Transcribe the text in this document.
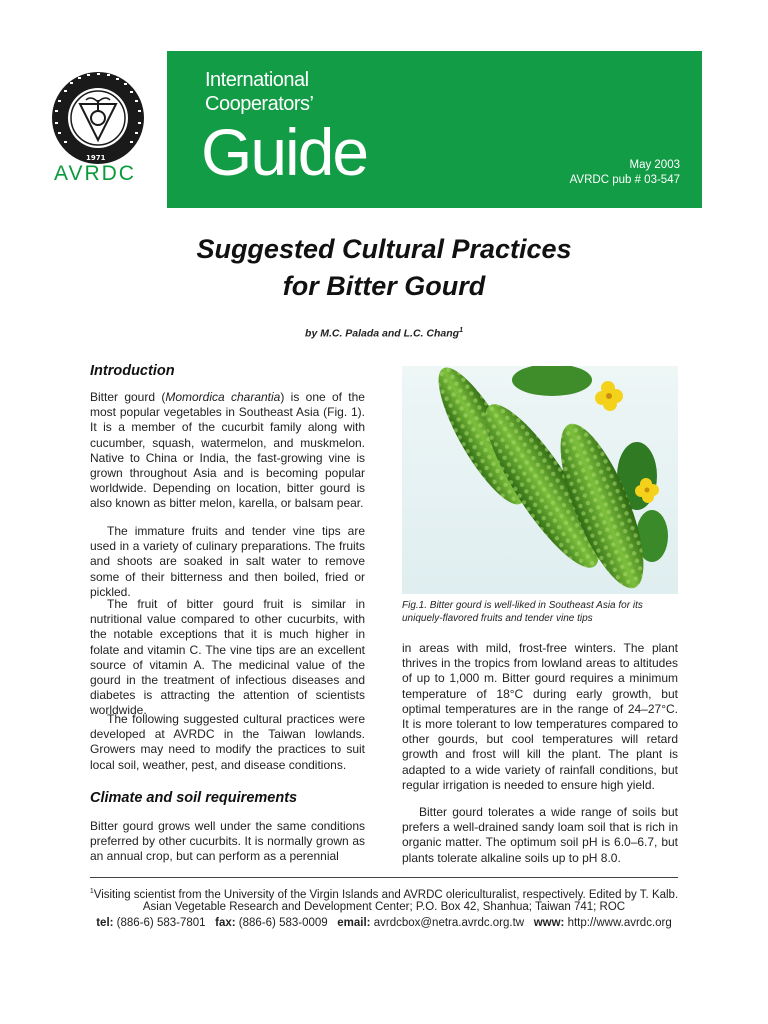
1971
AVRDC
International
Cooperators’
Guide	May 2003
AVRDC pub # 03-547
Suggested Cultural Practices
for Bitter Gourd
by M.C. Palada and L.C. Chang$^1$
Introduction

Bitter gourd (Momordica charantia) is one of the most popular vegetables in Southeast Asia (Fig. 1). It is a member of the cucurbit family along with cucumber, squash, watermelon, and muskmelon. Native to China or India, the fast-growing vine is grown throughout Asia and is becoming popular worldwide. Depending on location, bitter gourd is also known as bitter melon, karella, or balsam pear.

The immature fruits and tender vine tips are used in a variety of culinary preparations. The fruits and shoots are soaked in salt water to remove some of their bitterness and then boiled, fried or pickled.

The fruit of bitter gourd fruit is similar in nutritional value compared to other cucurbits, with the notable exceptions that it is much higher in folate and vitamin C. The vine tips are an excellent source of vitamin A. The medicinal value of the gourd in the treatment of infectious diseases and diabetes is attracting the attention of scientists worldwide.

The following suggested cultural practices were developed at AVRDC in the Taiwan lowlands. Growers may need to modify the practices to suit local soil, weather, pest, and disease conditions.

Climate and soil requirements

Bitter gourd grows well under the same conditions preferred by other cucurbits. It is normally grown as an annual crop, but can perform as a perennial

Fig.1. Bitter gourd is well-liked in Southeast Asia for its uniquely-flavored fruits and tender vine tips

in areas with mild, frost-free winters. The plant thrives in the tropics from lowland areas to altitudes of up to 1,000 m. Bitter gourd requires a minimum temperature of 18°C during early growth, but optimal temperatures are in the range of 24–27°C. It is more tolerant to low temperatures compared to other gourds, but cool temperatures will retard growth and frost will kill the plant. The plant is adapted to a wide variety of rainfall conditions, but regular irrigation is needed to ensure high yield.

Bitter gourd tolerates a wide range of soils but prefers a well-drained sandy loam soil that is rich in organic matter. The optimum soil pH is 6.0–6.7, but plants tolerate alkaline soils up to pH 8.0.

$^1$Visiting scientist from the University of the Virgin Islands and AVRDC olericulturalist, respectively. Edited by T. Kalb.
Asian Vegetable Research and Development Center; P.O. Box 42, Shanhua; Taiwan 741; ROC
tel: (886-6) 583-7801 fax: (886-6) 583-0009 email: avrdcbox@netra.avrdc.org.tw www: http://www.avrdc.org
